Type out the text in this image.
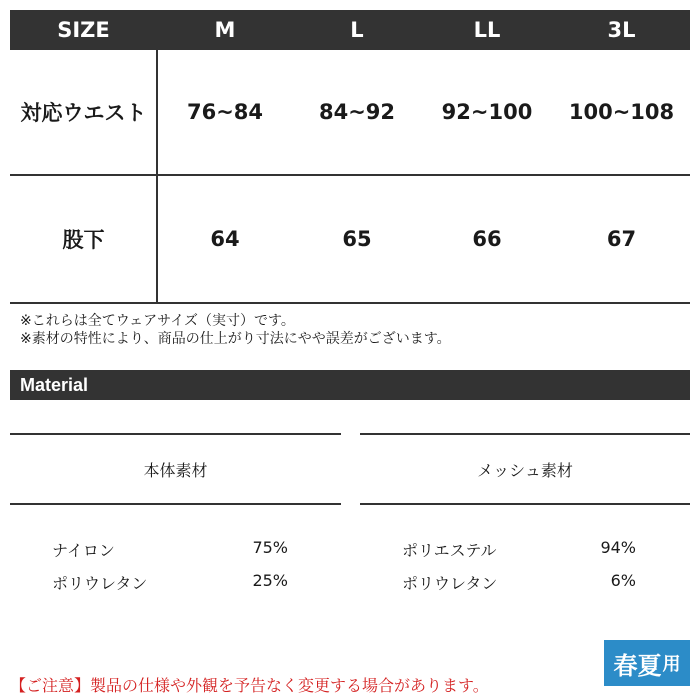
SIZE	M	L	LL	3L
対応ウエスト	76~84	84~92	92~100	100~108
股下	64	65	66	67
※これらは全てウェアサイズ（実寸）です。
※素材の特性により、商品の仕上がり寸法にやや誤差がございます。
Material
本体素材
ナイロン	75%
ポリウレタン	25%
メッシュ素材
ポリエステル	94%
ポリウレタン	6%
【ご注意】製品の仕様や外観を予告なく変更する場合があります。
春夏 用
